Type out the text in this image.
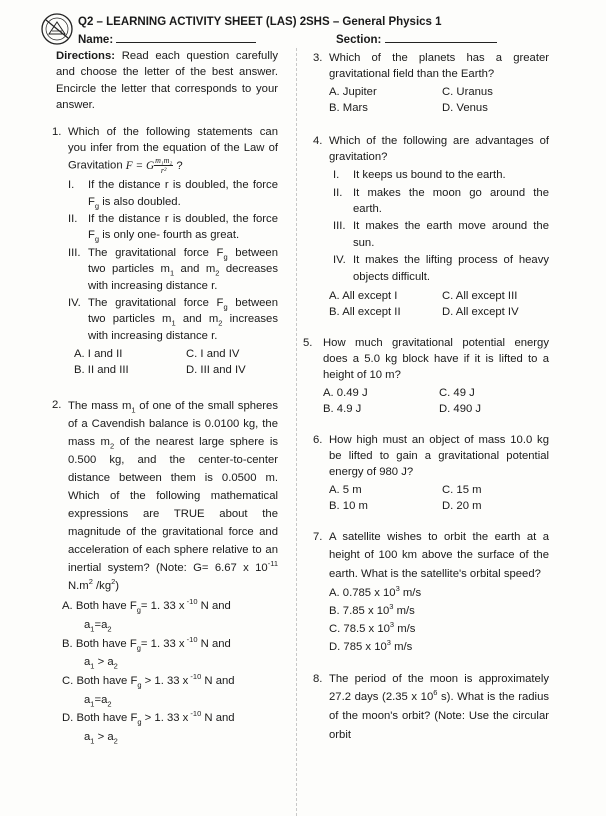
Q2 – LEARNING ACTIVITY SHEET (LAS) 2
Name:
SHS – General Physics 1
Section:

Directions: Read each question carefully and choose the letter of the best answer. Encircle the letter that corresponds to your answer.

1. Which of the following statements can you infer from the equation of the Law of Gravitation F = G $\frac{\text{m₁m₂}}{\text{r²}}$ ?
I. If the distance r is doubled, the force $F_g$ is also doubled.
II. If the distance r is doubled, the force $F_g$ is only one- fourth as great.
III. The gravitational force $F_g$ between two particles $m_1$ and $m_2$ decreases with increasing distance r.
IV. The gravitational force $F_g$ between two particles $m_1$ and $m_2$ increases with increasing distance r.
A. I and II	C. I and IV
B. II and III	D. III and IV
2. The mass $m_1$ of one of the small spheres of a Cavendish balance is 0.0100 kg, the mass $m_2$ of the nearest large sphere is 0.500 kg, and the center-to-center distance between them is 0.0500 m. Which of the following mathematical expressions are TRUE about the magnitude of the gravitational force and acceleration of each sphere relative to an inertial system? (Note: G= 6.67 x $10^{-11}$ $N.m^2$ $/kg^2$)
A. Both have $F_g= 1$. 33 x $^{-10}$ N and
$a_1=a_2$
B. Both have $F_g= 1$. 33 x $^{-10}$ N and
$a_1 > a_2$
C. Both have $F_g > 1$. 33 x $^{-10}$ N and
$a_1=a_2$
D. Both have $F_g > 1$. 33 x $^{-10}$ N and
$a_1 > a_2$
3. Which of the planets has a greater gravitational field than the Earth?
A. Jupiter	C. Uranus
B. Mars	D. Venus
4. Which of the following are advantages of gravitation?
I. It keeps us bound to the earth.
II. It makes the moon go around the earth.
III. It makes the earth move around the sun.
IV. It makes the lifting process of heavy objects difficult.
A. All except I	C. All except III
B. All except II	D. All except IV
5. How much gravitational potential energy does a 5.0 kg block have if it is lifted to a height of 10 m?
A. 0.49 J	C. 49 J
B. 4.9 J	D. 490 J
6. How high must an object of mass 10.0 kg be lifted to gain a gravitational potential energy of 980 J?
A. 5 m	C. 15 m
B. 10 m	D. 20 m
7. A satellite wishes to orbit the earth at a height of 100 km above the surface of the earth. What is the satellite's orbital speed?
A. 0.785 x $10^3$ m/s
B. 7.85 x $10^3$ m/s
C. 78.5 x $10^3$ m/s
D. 785 x $10^3$ m/s
8. The period of the moon is approximately 27.2 days (2.35 x $10^6$ s). What is the radius of the moon's orbit? (Note: Use the circular orbit
